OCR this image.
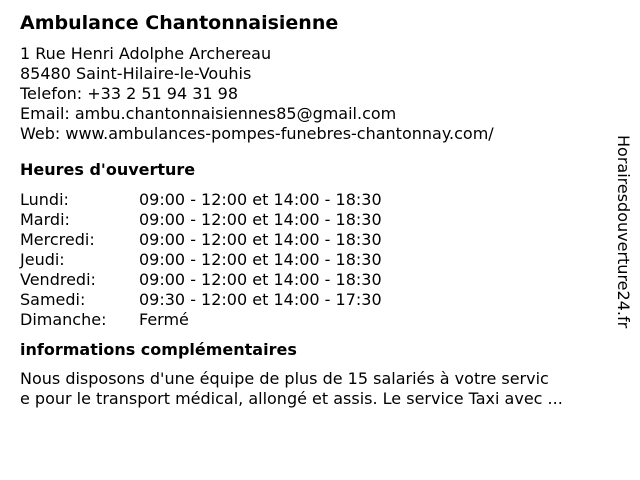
Ambulance Chantonnaisienne
1 Rue Henri Adolphe Archereau
85480 Saint-Hilaire-le-Vouhis
Telefon: +33 2 51 94 31 98
Email: ambu.chantonnaisiennes85@gmail.com
Web: www.ambulances-pompes-funebres-chantonnay.com/
Heures d'ouverture
Lundi:	09:00 - 12:00 et 14:00 - 18:30
Mardi:	09:00 - 12:00 et 14:00 - 18:30
Mercredi:	09:00 - 12:00 et 14:00 - 18:30
Jeudi:	09:00 - 12:00 et 14:00 - 18:30
Vendredi:	09:00 - 12:00 et 14:00 - 18:30
Samedi:	09:30 - 12:00 et 14:00 - 17:30
Dimanche:	Fermé
informations complémentaires
Nous disposons d'une équipe de plus de 15 salariés à votre servic
e pour le transport médical, allongé et assis. Le service Taxi avec ...
Horairesdouverture24.fr
